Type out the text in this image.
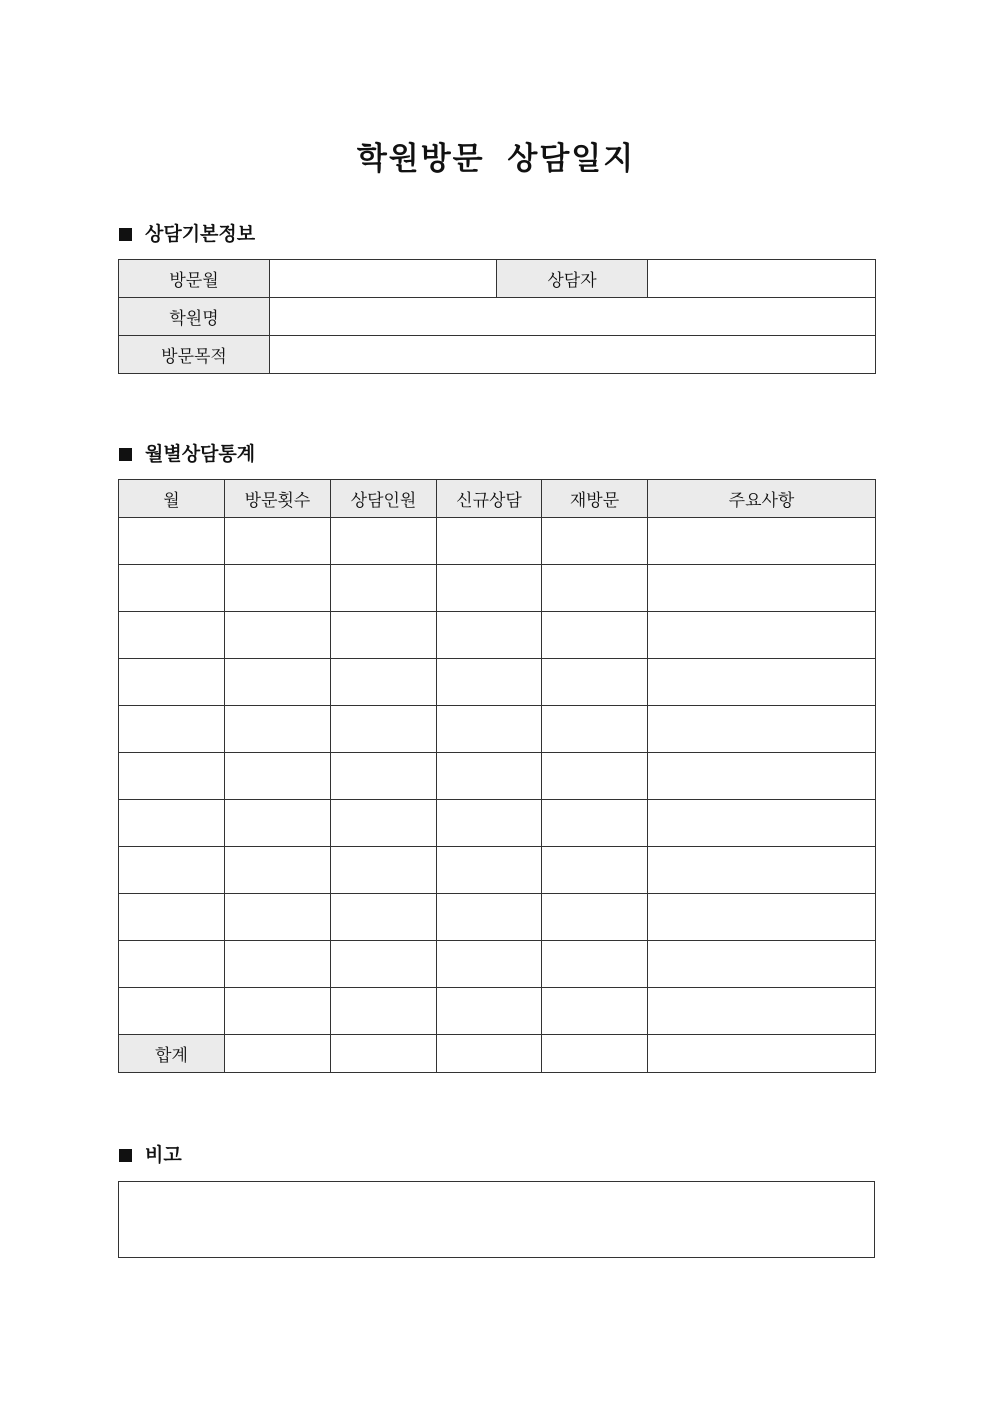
학원방문 상담일지
상담기본정보
방문월		상담자	
학원명			
방문목적			
월별상담통계
월	방문횟수	상담인원	신규상담	재방문	주요사항

합계					
비고
